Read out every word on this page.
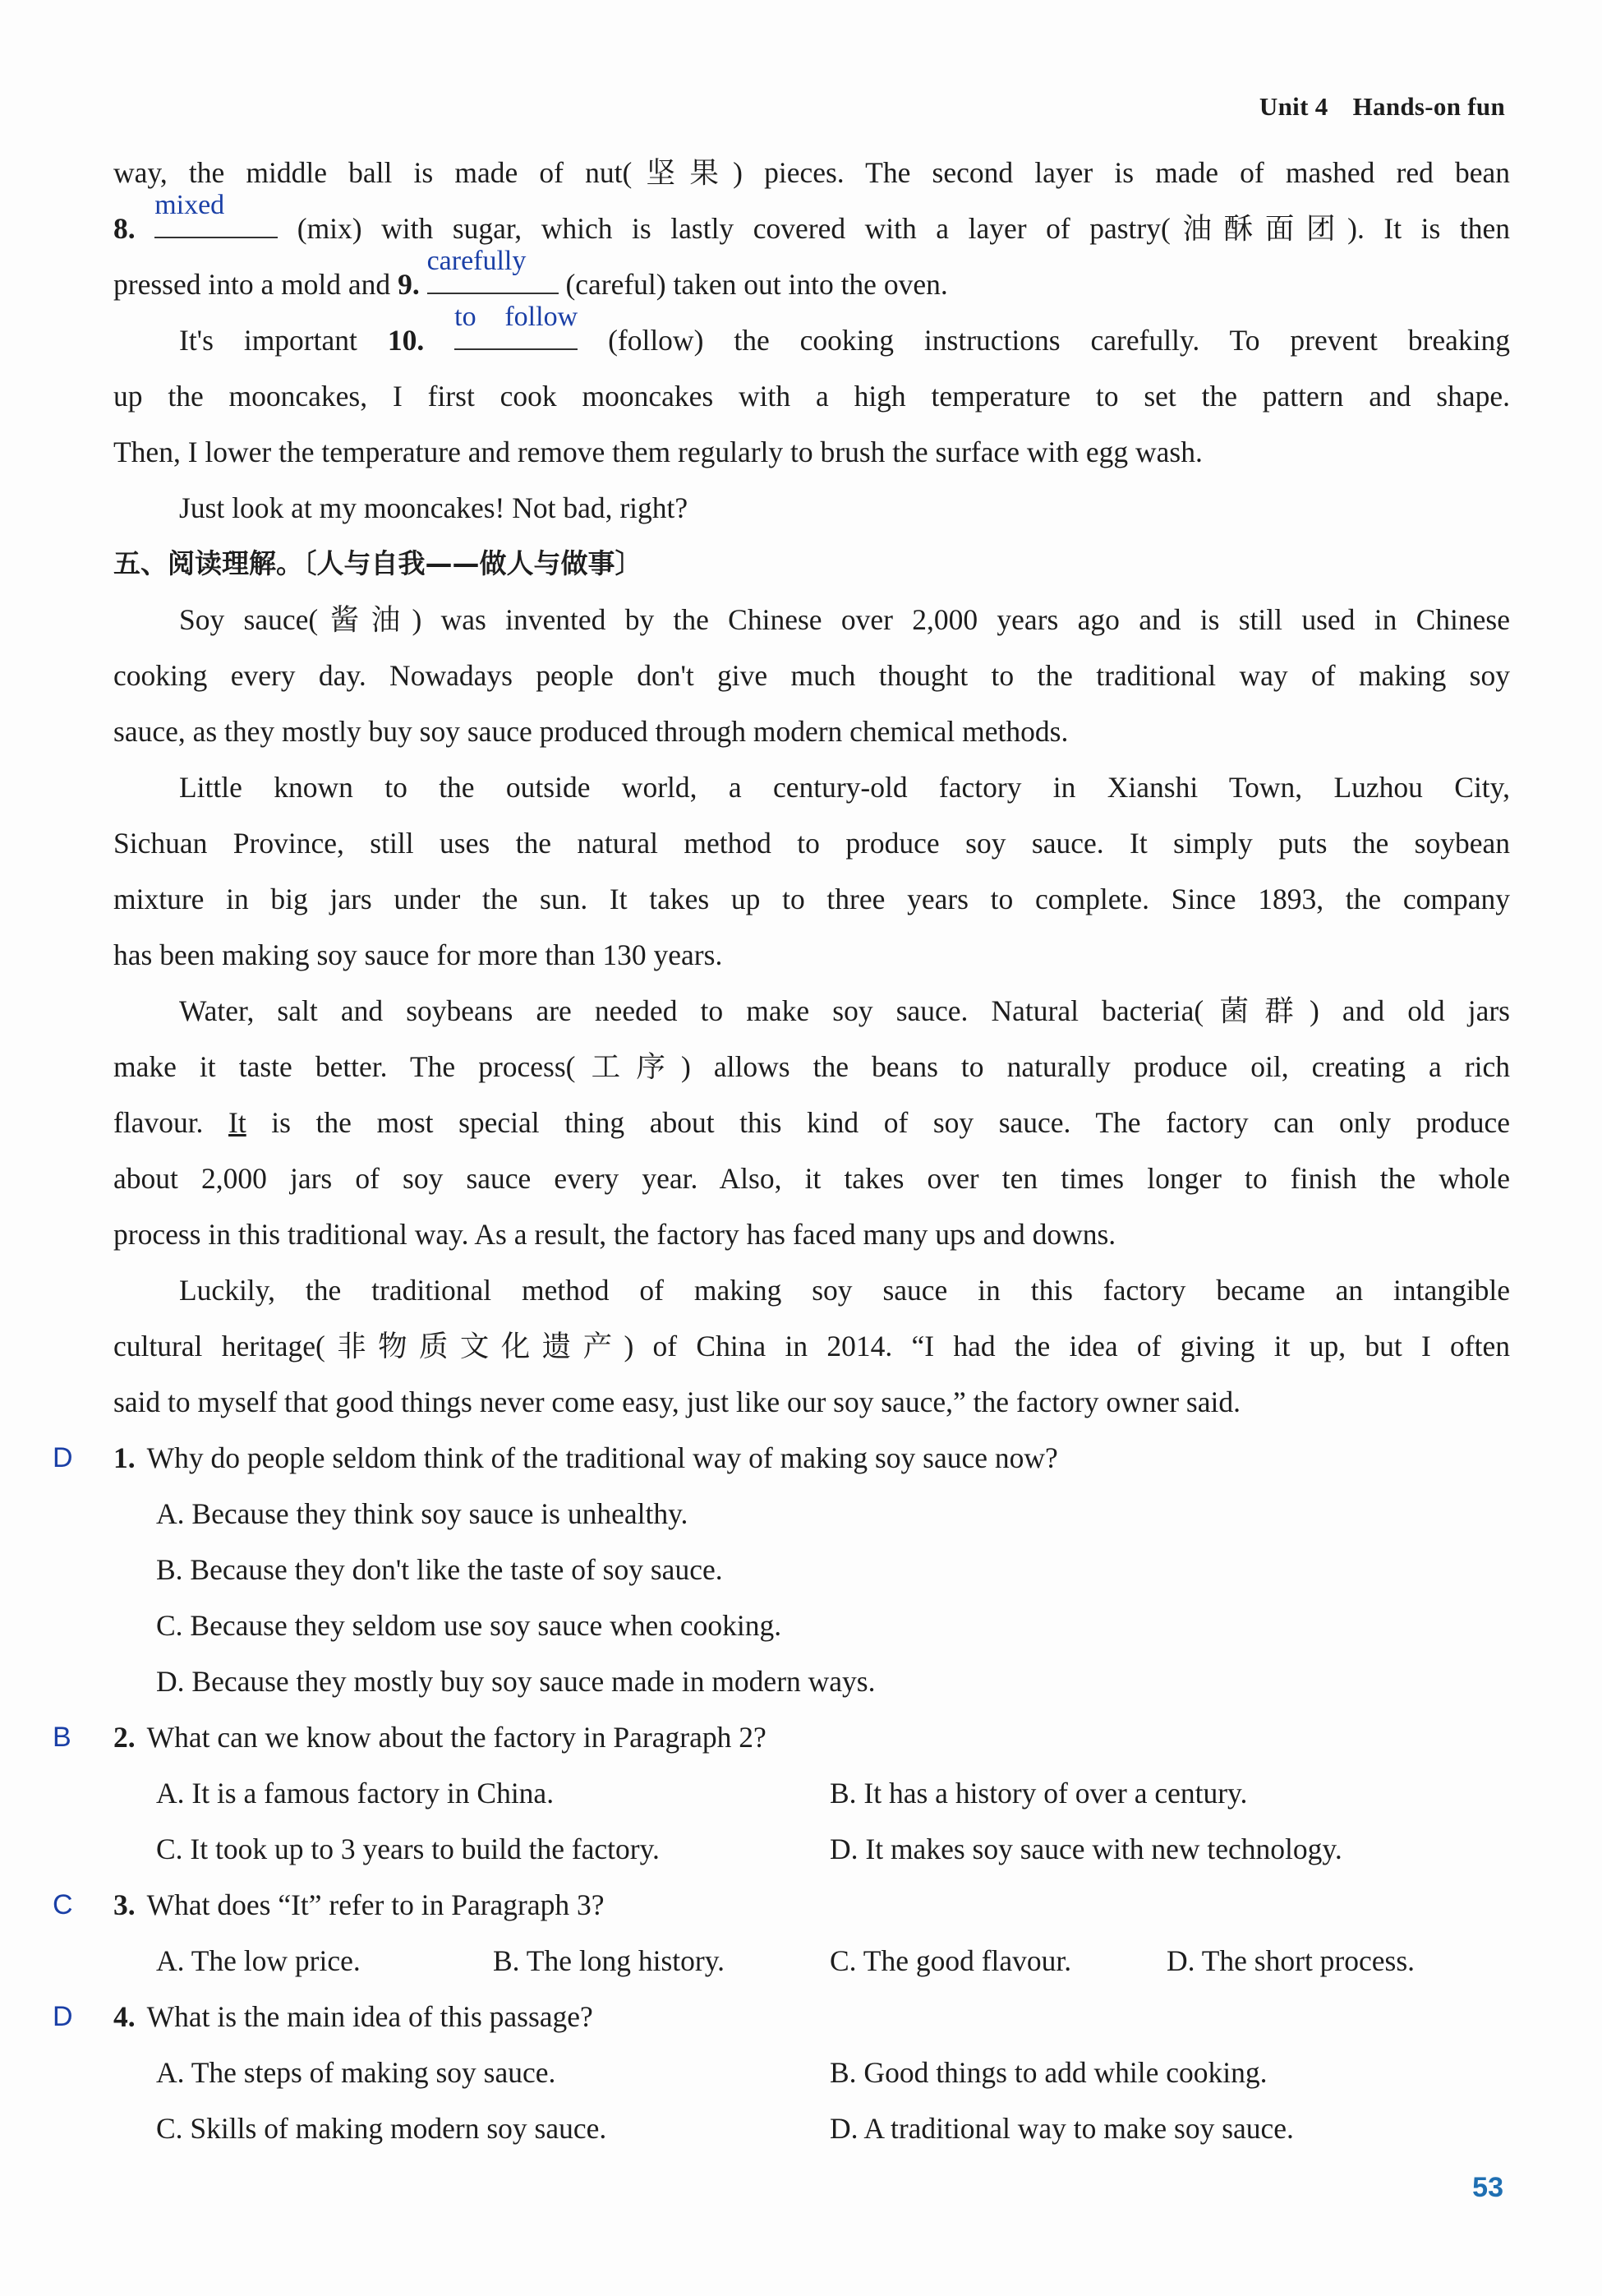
Unit 4 Hands-on fun
way, the middle ball is made of nut(坚果) pieces. The second layer is made of mashed red bean
8.
mixed
(mix) with sugar, which is lastly covered with a layer of pastry(油酥面团). It is then
pressed into a mold and 9.
carefully
(careful) taken out into the oven.
It's important 10.
to follow
(follow) the cooking instructions carefully. To prevent breaking
up the mooncakes, I first cook mooncakes with a high temperature to set the pattern and shape.
Then, I lower the temperature and remove them regularly to brush the surface with egg wash.
Just look at my mooncakes! Not bad, right?
五、阅读理解。〔人与自我——做人与做事〕
Soy sauce(酱油) was invented by the Chinese over 2,000 years ago and is still used in Chinese
cooking every day. Nowadays people don't give much thought to the traditional way of making soy
sauce, as they mostly buy soy sauce produced through modern chemical methods.
Little known to the outside world, a century-old factory in Xianshi Town, Luzhou City,
Sichuan Province, still uses the natural method to produce soy sauce. It simply puts the soybean
mixture in big jars under the sun. It takes up to three years to complete. Since 1893, the company
has been making soy sauce for more than 130 years.
Water, salt and soybeans are needed to make soy sauce. Natural bacteria(菌群) and old jars
make it taste better. The process(工序) allows the beans to naturally produce oil, creating a rich
flavour. It is the most special thing about this kind of soy sauce. The factory can only produce
about 2,000 jars of soy sauce every year. Also, it takes over ten times longer to finish the whole
process in this traditional way. As a result, the factory has faced many ups and downs.
Luckily, the traditional method of making soy sauce in this factory became an intangible
cultural heritage(非物质文化遗产) of China in 2014. “I had the idea of giving it up, but I often
said to myself that good things never come easy, just like our soy sauce,” the factory owner said.
D 1. Why do people seldom think of the traditional way of making soy sauce now?
A. Because they think soy sauce is unhealthy.
B. Because they don't like the taste of soy sauce.
C. Because they seldom use soy sauce when cooking.
D. Because they mostly buy soy sauce made in modern ways.
B 2. What can we know about the factory in Paragraph 2?
A. It is a famous factory in China.	B. It has a history of over a century.
C. It took up to 3 years to build the factory.	D. It makes soy sauce with new technology.
C 3. What does “It” refer to in Paragraph 3?
A. The low price.	B. The long history.	C. The good flavour.	D. The short process.
D 4. What is the main idea of this passage?
A. The steps of making soy sauce.	B. Good things to add while cooking.
C. Skills of making modern soy sauce.	D. A traditional way to make soy sauce.
53
